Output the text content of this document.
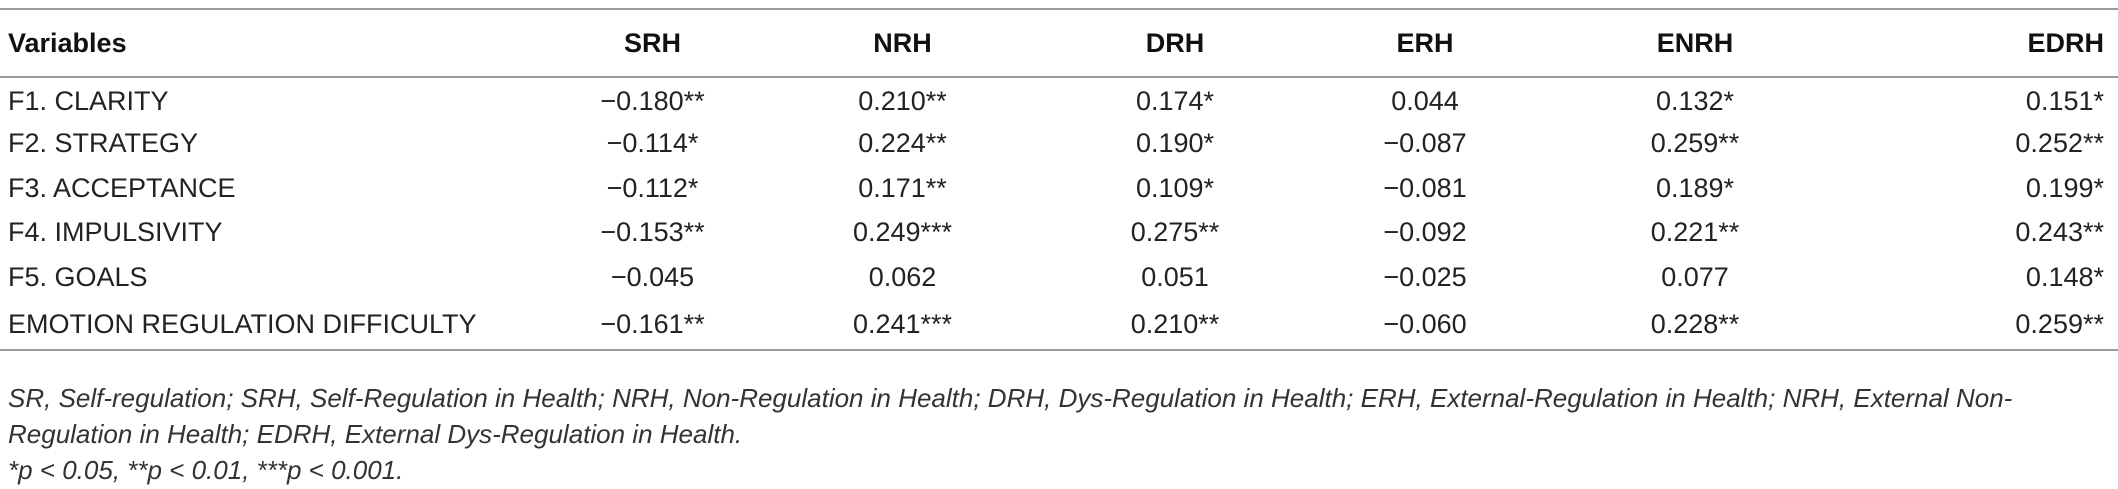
Variables	SRH	NRH	DRH	ERH	ENRH	EDRH
F1. CLARITY	−0.180**	0.210**	0.174*	0.044	0.132*	0.151*
F2. STRATEGY	−0.114*	0.224**	0.190*	−0.087	0.259**	0.252**
F3. ACCEPTANCE	−0.112*	0.171**	0.109*	−0.081	0.189*	0.199*
F4. IMPULSIVITY	−0.153**	0.249***	0.275**	−0.092	0.221**	0.243**
F5. GOALS	−0.045	0.062	0.051	−0.025	0.077	0.148*
EMOTION REGULATION DIFFICULTY	−0.161**	0.241***	0.210**	−0.060	0.228**	0.259**
SR, Self-regulation; SRH, Self-Regulation in Health; NRH, Non-Regulation in Health; DRH, Dys-Regulation in Health; ERH, External-Regulation in Health; NRH, External Non-Regulation in Health; EDRH, External Dys-Regulation in Health.
*p < 0.05, **p < 0.01, ***p < 0.001.
